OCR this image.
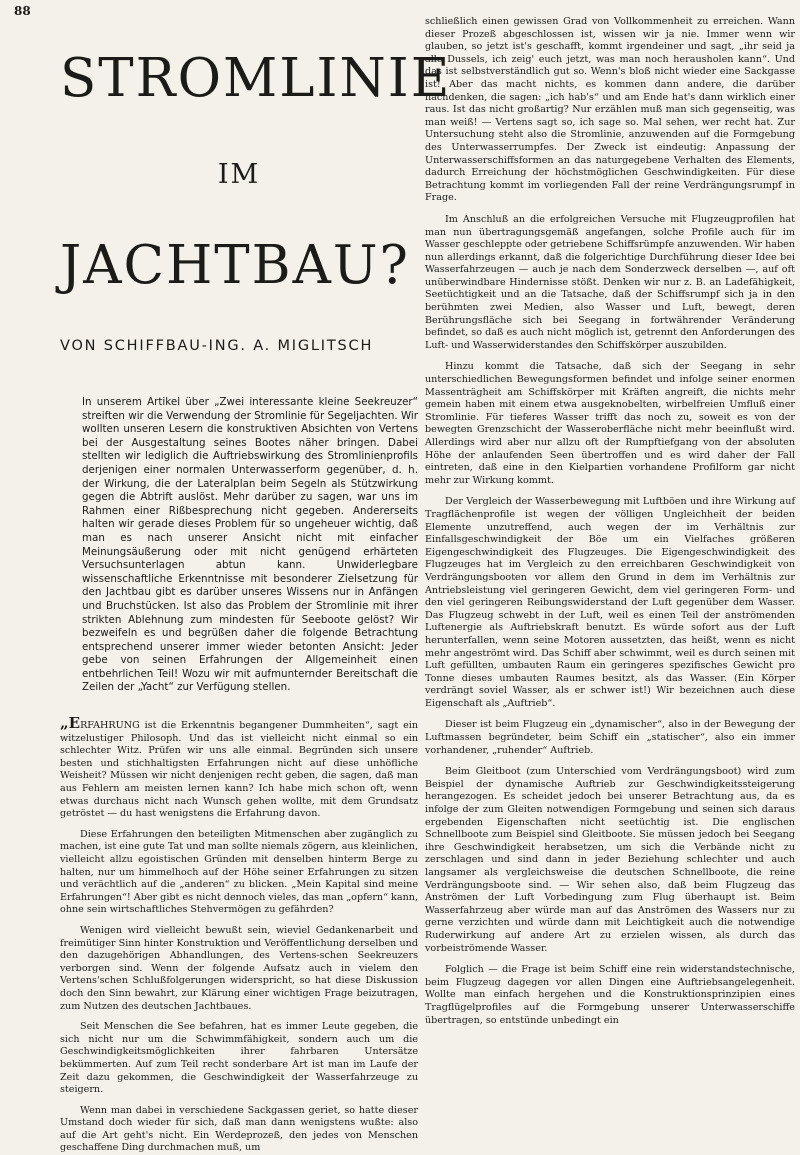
88
STROMLINIE
IM
JACHTBAU?
VON SCHIFFBAU-ING. A. MIGLITSCH

In unserem Artikel über „Zwei interessante kleine Seekreuzer“ streiften wir die Verwendung der Stromlinie für Segeljachten. Wir wollten unseren Lesern die konstruktiven Absichten von Vertens bei der Ausgestaltung seines Bootes näher bringen. Dabei stellten wir lediglich die Auftriebswirkung des Stromlinienprofils derjenigen einer normalen Unterwasserform gegenüber, d. h. der Wirkung, die der Lateralplan beim Segeln als Stützwirkung gegen die Abtrift auslöst. Mehr darüber zu sagen, war uns im Rahmen einer Rißbesprechung nicht gegeben. Andererseits halten wir gerade dieses Problem für so ungeheuer wichtig, daß man es nach unserer Ansicht nicht mit einfacher Meinungsäußerung oder mit nicht genügend erhärteten Versuchsunterlagen abtun kann. Unwiderlegbare wissenschaftliche Erkenntnisse mit besonderer Zielsetzung für den Jachtbau gibt es darüber unseres Wissens nur in Anfängen und Bruchstücken. Ist also das Problem der Stromlinie mit ihrer strikten Ablehnung zum mindesten für Seeboote gelöst? Wir bezweifeln es und begrüßen daher die folgende Betrachtung entsprechend unserer immer wieder betonten Ansicht: Jeder gebe von seinen Erfahrungen der Allgemeinheit einen entbehrlichen Teil! Wozu wir mit aufmunternder Bereitschaft die Zeilen der „Yacht“ zur Verfügung stellen.

„ERFAHRUNG ist die Erkenntnis begangener Dummheiten“, sagt ein witzelustiger Philosoph. Und das ist vielleicht nicht einmal so ein schlechter Witz. Prüfen wir uns alle einmal. Begründen sich unsere besten und stichhaltigsten Erfahrungen nicht auf diese unhöfliche Weisheit? Müssen wir nicht denjenigen recht geben, die sagen, daß man aus Fehlern am meisten lernen kann? Ich habe mich schon oft, wenn etwas durchaus nicht nach Wunsch gehen wollte, mit dem Grundsatz getröstet — du hast wenigstens die Erfahrung davon.

Diese Erfahrungen den beteiligten Mitmenschen aber zugänglich zu machen, ist eine gute Tat und man sollte niemals zögern, aus kleinlichen, vielleicht allzu egoistischen Gründen mit denselben hinterm Berge zu halten, nur um himmelhoch auf der Höhe seiner Erfahrungen zu sitzen und verächtlich auf die „anderen“ zu blicken. „Mein Kapital sind meine Erfahrungen“! Aber gibt es nicht dennoch vieles, das man „opfern“ kann, ohne sein wirtschaftliches Stehvermögen zu gefährden?

Wenigen wird vielleicht bewußt sein, wieviel Gedankenarbeit und freimütiger Sinn hinter Konstruktion und Veröffentlichung derselben und den dazugehörigen Abhandlungen, des Vertens-schen Seekreuzers verborgen sind. Wenn der folgende Aufsatz auch in vielem den Vertens'schen Schlußfolgerungen widerspricht, so hat diese Diskussion doch den Sinn bewahrt, zur Klärung einer wichtigen Frage beizutragen, zum Nutzen des deutschen Jachtbaues.

Seit Menschen die See befahren, hat es immer Leute gegeben, die sich nicht nur um die Schwimmfähigkeit, sondern auch um die Geschwindigkeitsmöglichkeiten ihrer fahrbaren Untersätze bekümmerten. Auf zum Teil recht sonderbare Art ist man im Laufe der Zeit dazu gekommen, die Geschwindigkeit der Wasserfahrzeuge zu steigern.

Wenn man dabei in verschiedene Sackgassen geriet, so hatte dieser Umstand doch wieder für sich, daß man dann wenigstens wußte: also auf die Art geht's nicht. Ein Werdeprozeß, den jedes von Menschen geschaffene Ding durchmachen muß, um

schließlich einen gewissen Grad von Vollkommenheit zu erreichen. Wann dieser Prozeß abgeschlossen ist, wissen wir ja nie. Immer wenn wir glauben, so jetzt ist's geschafft, kommt irgendeiner und sagt, „ihr seid ja alle Dussels, ich zeig' euch jetzt, was man noch herausholen kann“. Und das ist selbstverständlich gut so. Wenn's bloß nicht wieder eine Sackgasse ist! Aber das macht nichts, es kommen dann andere, die darüber nachdenken, die sagen: „ich hab's“ und am Ende hat's dann wirklich einer raus. Ist das nicht großartig? Nur erzählen muß man sich gegenseitig, was man weiß! — Vertens sagt so, ich sage so. Mal sehen, wer recht hat. Zur Untersuchung steht also die Stromlinie, anzuwenden auf die Formgebung des Unterwasserrumpfes. Der Zweck ist eindeutig: Anpassung der Unterwasserschiffsformen an das naturgegebene Verhalten des Elements, dadurch Erreichung der höchstmöglichen Geschwindigkeiten. Für diese Betrachtung kommt im vorliegenden Fall der reine Verdrängungsrumpf in Frage.

Im Anschluß an die erfolgreichen Versuche mit Flugzeugprofilen hat man nun übertragungsgemäß angefangen, solche Profile auch für im Wasser geschleppte oder getriebene Schiffsrümpfe anzuwenden. Wir haben nun allerdings erkannt, daß die folgerichtige Durchführung dieser Idee bei Wasserfahrzeugen — auch je nach dem Sonderzweck derselben —, auf oft unüberwindbare Hindernisse stößt. Denken wir nur z. B. an Ladefähigkeit, Seetüchtigkeit und an die Tatsache, daß der Schiffsrumpf sich ja in den berühmten zwei Medien, also Wasser und Luft, bewegt, deren Berührungsfläche sich bei Seegang in fortwährender Veränderung befindet, so daß es auch nicht möglich ist, getrennt den Anforderungen des Luft- und Wasserwiderstandes den Schiffskörper auszubilden.

Hinzu kommt die Tatsache, daß sich der Seegang in sehr unterschiedlichen Bewegungsformen befindet und infolge seiner enormen Massenträgheit am Schiffskörper mit Kräften angreift, die nichts mehr gemein haben mit einem etwa ausgeknobelten, wirbelfreien Umfluß einer Stromlinie. Für tieferes Wasser trifft das noch zu, soweit es von der bewegten Grenzschicht der Wasseroberfläche nicht mehr beeinflußt wird. Allerdings wird aber nur allzu oft der Rumpftiefgang von der absoluten Höhe der anlaufenden Seen übertroffen und es wird daher der Fall eintreten, daß eine in den Kielpartien vorhandene Profilform gar nicht mehr zur Wirkung kommt.

Der Vergleich der Wasserbewegung mit Luftböen und ihre Wirkung auf Tragflächenprofile ist wegen der völligen Ungleichheit der beiden Elemente unzutreffend, auch wegen der im Verhältnis zur Einfallsgeschwindigkeit der Böe um ein Vielfaches größeren Eigengeschwindigkeit des Flugzeuges. Die Eigengeschwindigkeit des Flugzeuges hat im Vergleich zu den erreichbaren Geschwindigkeit von Verdrängungsbooten vor allem den Grund in dem im Verhältnis zur Antriebsleistung viel geringeren Gewicht, dem viel geringeren Form- und den viel geringeren Reibungswiderstand der Luft gegenüber dem Wasser. Das Flugzeug schwebt in der Luft, weil es einen Teil der anströmenden Luftenergie als Auftriebskraft benutzt. Es würde sofort aus der Luft herunterfallen, wenn seine Motoren aussetzten, das heißt, wenn es nicht mehr angeströmt wird. Das Schiff aber schwimmt, weil es durch seinen mit Luft gefüllten, umbauten Raum ein geringeres spezifisches Gewicht pro Tonne dieses umbauten Raumes besitzt, als das Wasser. (Ein Körper verdrängt soviel Wasser, als er schwer ist!) Wir bezeichnen auch diese Eigenschaft als „Auftrieb“.

Dieser ist beim Flugzeug ein „dynamischer“, also in der Bewegung der Luftmassen begründeter, beim Schiff ein „statischer“, also ein immer vorhandener, „ruhender“ Auftrieb.

Beim Gleitboot (zum Unterschied vom Verdrängungsboot) wird zum Beispiel der dynamische Auftrieb zur Geschwindigkeitssteigerung herangezogen. Es scheidet jedoch bei unserer Betrachtung aus, da es infolge der zum Gleiten notwendigen Formgebung und seinen sich daraus ergebenden Eigenschaften nicht seetüchtig ist. Die englischen Schnellboote zum Beispiel sind Gleitboote. Sie müssen jedoch bei Seegang ihre Geschwindigkeit herabsetzen, um sich die Verbände nicht zu zerschlagen und sind dann in jeder Beziehung schlechter und auch langsamer als vergleichsweise die deutschen Schnellboote, die reine Verdrängungsboote sind. — Wir sehen also, daß beim Flugzeug das Anströmen der Luft Vorbedingung zum Flug überhaupt ist. Beim Wasserfahrzeug aber würde man auf das Anströmen des Wassers nur zu gerne verzichten und würde dann mit Leichtigkeit auch die notwendige Ruderwirkung auf andere Art zu erzielen wissen, als durch das vorbeiströmende Wasser.

Folglich — die Frage ist beim Schiff eine rein widerstandstechnische, beim Flugzeug dagegen vor allen Dingen eine Auftriebsangelegenheit. Wollte man einfach hergehen und die Konstruktionsprinzipien eines Tragflügelprofiles auf die Formgebung unserer Unterwasserschiffe übertragen, so entstünde unbedingt ein
